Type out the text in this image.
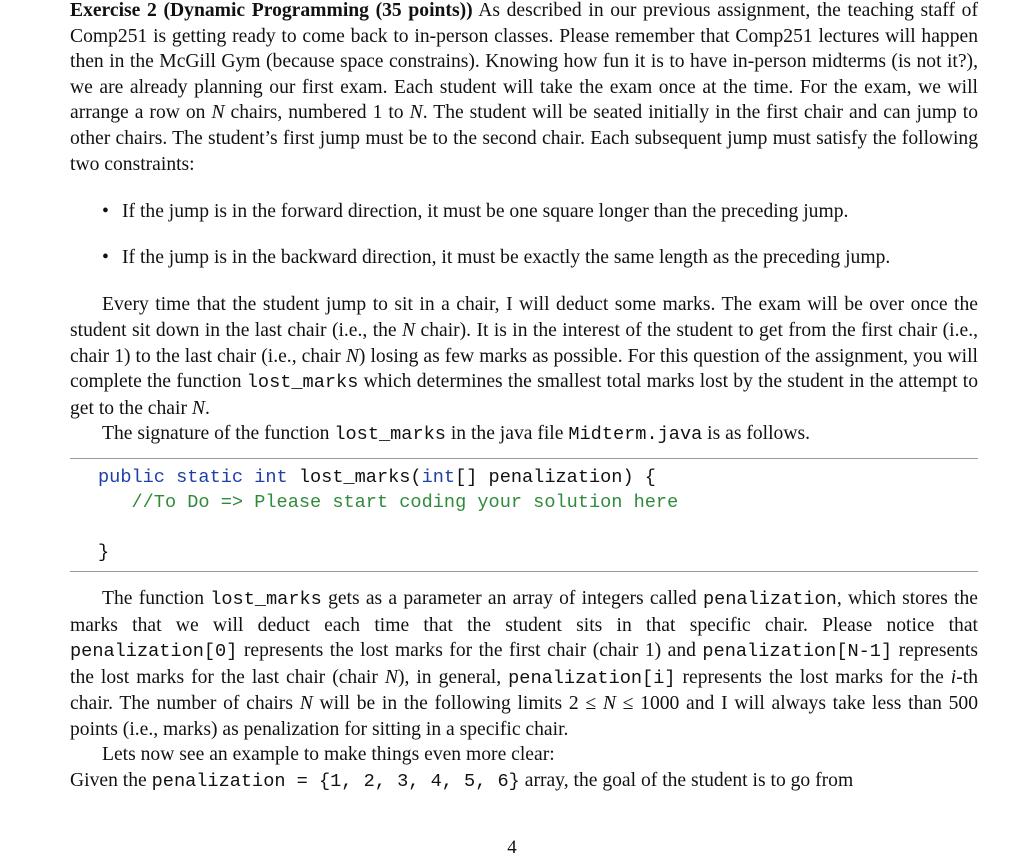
Exercise 2 (Dynamic Programming (35 points)) As described in our previous assignment, the teaching staff of Comp251 is getting ready to come back to in-person classes. Please remember that Comp251 lectures will happen then in the McGill Gym (because space constrains). Knowing how fun it is to have in-person midterms (is not it?), we are already planning our first exam. Each student will take the exam once at the time. For the exam, we will arrange a row on N chairs, numbered 1 to N. The student will be seated initially in the first chair and can jump to other chairs. The student’s first jump must be to the second chair. Each subsequent jump must satisfy the following two constraints:

• If the jump is in the forward direction, it must be one square longer than the preceding jump.
• If the jump is in the backward direction, it must be exactly the same length as the preceding jump.

Every time that the student jump to sit in a chair, I will deduct some marks. The exam will be over once the student sit down in the last chair (i.e., the N chair). It is in the interest of the student to get from the first chair (i.e., chair 1) to the last chair (i.e., chair N) losing as few marks as possible. For this question of the assignment, you will complete the function lost_marks which determines the smallest total marks lost by the student in the attempt to get to the chair N.

The signature of the function lost_marks in the java file Midterm.java is as follows.

public static int lost_marks(int[] penalization) {
//To Do => Please start coding your solution here

}

The function lost_marks gets as a parameter an array of integers called penalization, which stores the marks that we will deduct each time that the student sits in that specific chair. Please notice that penalization[0] represents the lost marks for the first chair (chair 1) and penalization[N-1] represents the lost marks for the last chair (chair N), in general, penalization[i] represents the lost marks for the i-th chair. The number of chairs N will be in the following limits 2 ≤ N ≤ 1000 and I will always take less than 500 points (i.e., marks) as penalization for sitting in a specific chair.

Lets now see an example to make things even more clear:

Given the penalization = {1, 2, 3, 4, 5, 6} array, the goal of the student is to go from

4
